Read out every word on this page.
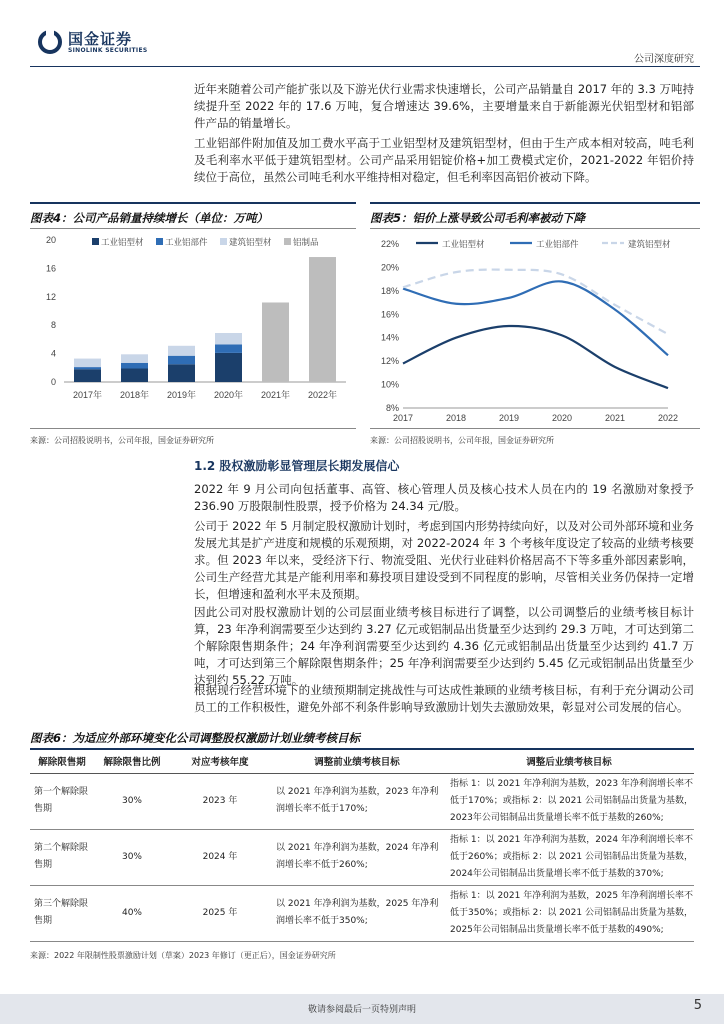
国金证券
SINOLINK SECURITIES
公司深度研究
近年来随着公司产能扩张以及下游光伏行业需求快速增长，公司产品销量自 2017 年的 3.3 万吨持续提升至 2022 年的 17.6 万吨，复合增速达 39.6%，主要增量来自于新能源光伏铝型材和铝部件产品的销量增长。
工业铝部件附加值及加工费水平高于工业铝型材及建筑铝型材，但由于生产成本相对较高，吨毛利及毛利率水平低于建筑铝型材。公司产品采用铝锭价格+加工费模式定价，2021-2022 年铝价持续位于高位，虽然公司吨毛利水平维持相对稳定，但毛利率因高铝价被动下降。
图表4：公司产品销量持续增长（单位：万吨）
0
4
8
12
16
20
2017年 2018年 2019年 2020年 2021年 2022年
工业铝型材	工业铝部件	建筑铝型材	铝制品
来源：公司招股说明书，公司年报，国金证券研究所
图表5：铝价上涨导致公司毛利率被动下降
8%
10%
12%
14%
16%
18%
20%
22%
2017	2018	2019	2020	2021	2022
工业铝型材	工业铝部件	建筑铝型材
来源：公司招股说明书，公司年报，国金证券研究所
1.2 股权激励彰显管理层长期发展信心
2022 年 9 月公司向包括董事、高管、核心管理人员及核心技术人员在内的 19 名激励对象授予 236.90 万股限制性股票，授予价格为 24.34 元/股。
公司于 2022 年 5 月制定股权激励计划时，考虑到国内形势持续向好，以及对公司外部环境和业务发展尤其是扩产进度和规模的乐观预期，对 2022-2024 年 3 个考核年度设定了较高的业绩考核要求。但 2023 年以来，受经济下行、物流受阻、光伏行业硅料价格居高不下等多重外部因素影响，公司生产经营尤其是产能利用率和募投项目建设受到不同程度的影响，尽管相关业务仍保持一定增长，但增速和盈利水平未及预期。
因此公司对股权激励计划的公司层面业绩考核目标进行了调整，以公司调整后的业绩考核目标计算，23 年净利润需要至少达到约 3.27 亿元或铝制品出货量至少达到约 29.3 万吨，才可达到第二个解除限售期条件；24 年净利润需要至少达到约 4.36 亿元或铝制品出货量至少达到约 41.7 万吨，才可达到第三个解除限售期条件；25 年净利润需要至少达到约 5.45 亿元或铝制品出货量至少达到约 55.22 万吨。
根据现行经营环境下的业绩预期制定挑战性与可达成性兼顾的业绩考核目标，有利于充分调动公司员工的工作积极性，避免外部不利条件影响导致激励计划失去激励效果，彰显对公司发展的信心。
图表6：为适应外部环境变化公司调整股权激励计划业绩考核目标
解除限售期	解除限售比例	对应考核年度	调整前业绩考核目标	调整后业绩考核目标
第一个解除限售期	30%	2023 年	以 2021 年净利润为基数，2023 年净利润增长率不低于170%;	指标 1：以 2021 年净利润为基数，2023 年净利润增长率不低于170%；或指标 2：以 2021 公司铝制品出货量为基数，2023年公司铝制品出货量增长率不低于基数的260%;
第二个解除限售期	30%	2024 年	以 2021 年净利润为基数，2024 年净利润增长率不低于260%;	指标 1：以 2021 年净利润为基数，2024 年净利润增长率不低于260%；或指标 2：以 2021 公司铝制品出货量为基数，2024年公司铝制品出货量增长率不低于基数的370%;
第三个解除限售期	40%	2025 年	以 2021 年净利润为基数，2025 年净利润增长率不低于350%;	指标 1：以 2021 年净利润为基数，2025 年净利润增长率不低于350%；或指标 2：以 2021 公司铝制品出货量为基数，2025年公司铝制品出货量增长率不低于基数的490%;
来源：2022 年限制性股票激励计划（草案）2023 年修订（更正后），国金证券研究所
敬请参阅最后一页特别声明	5
